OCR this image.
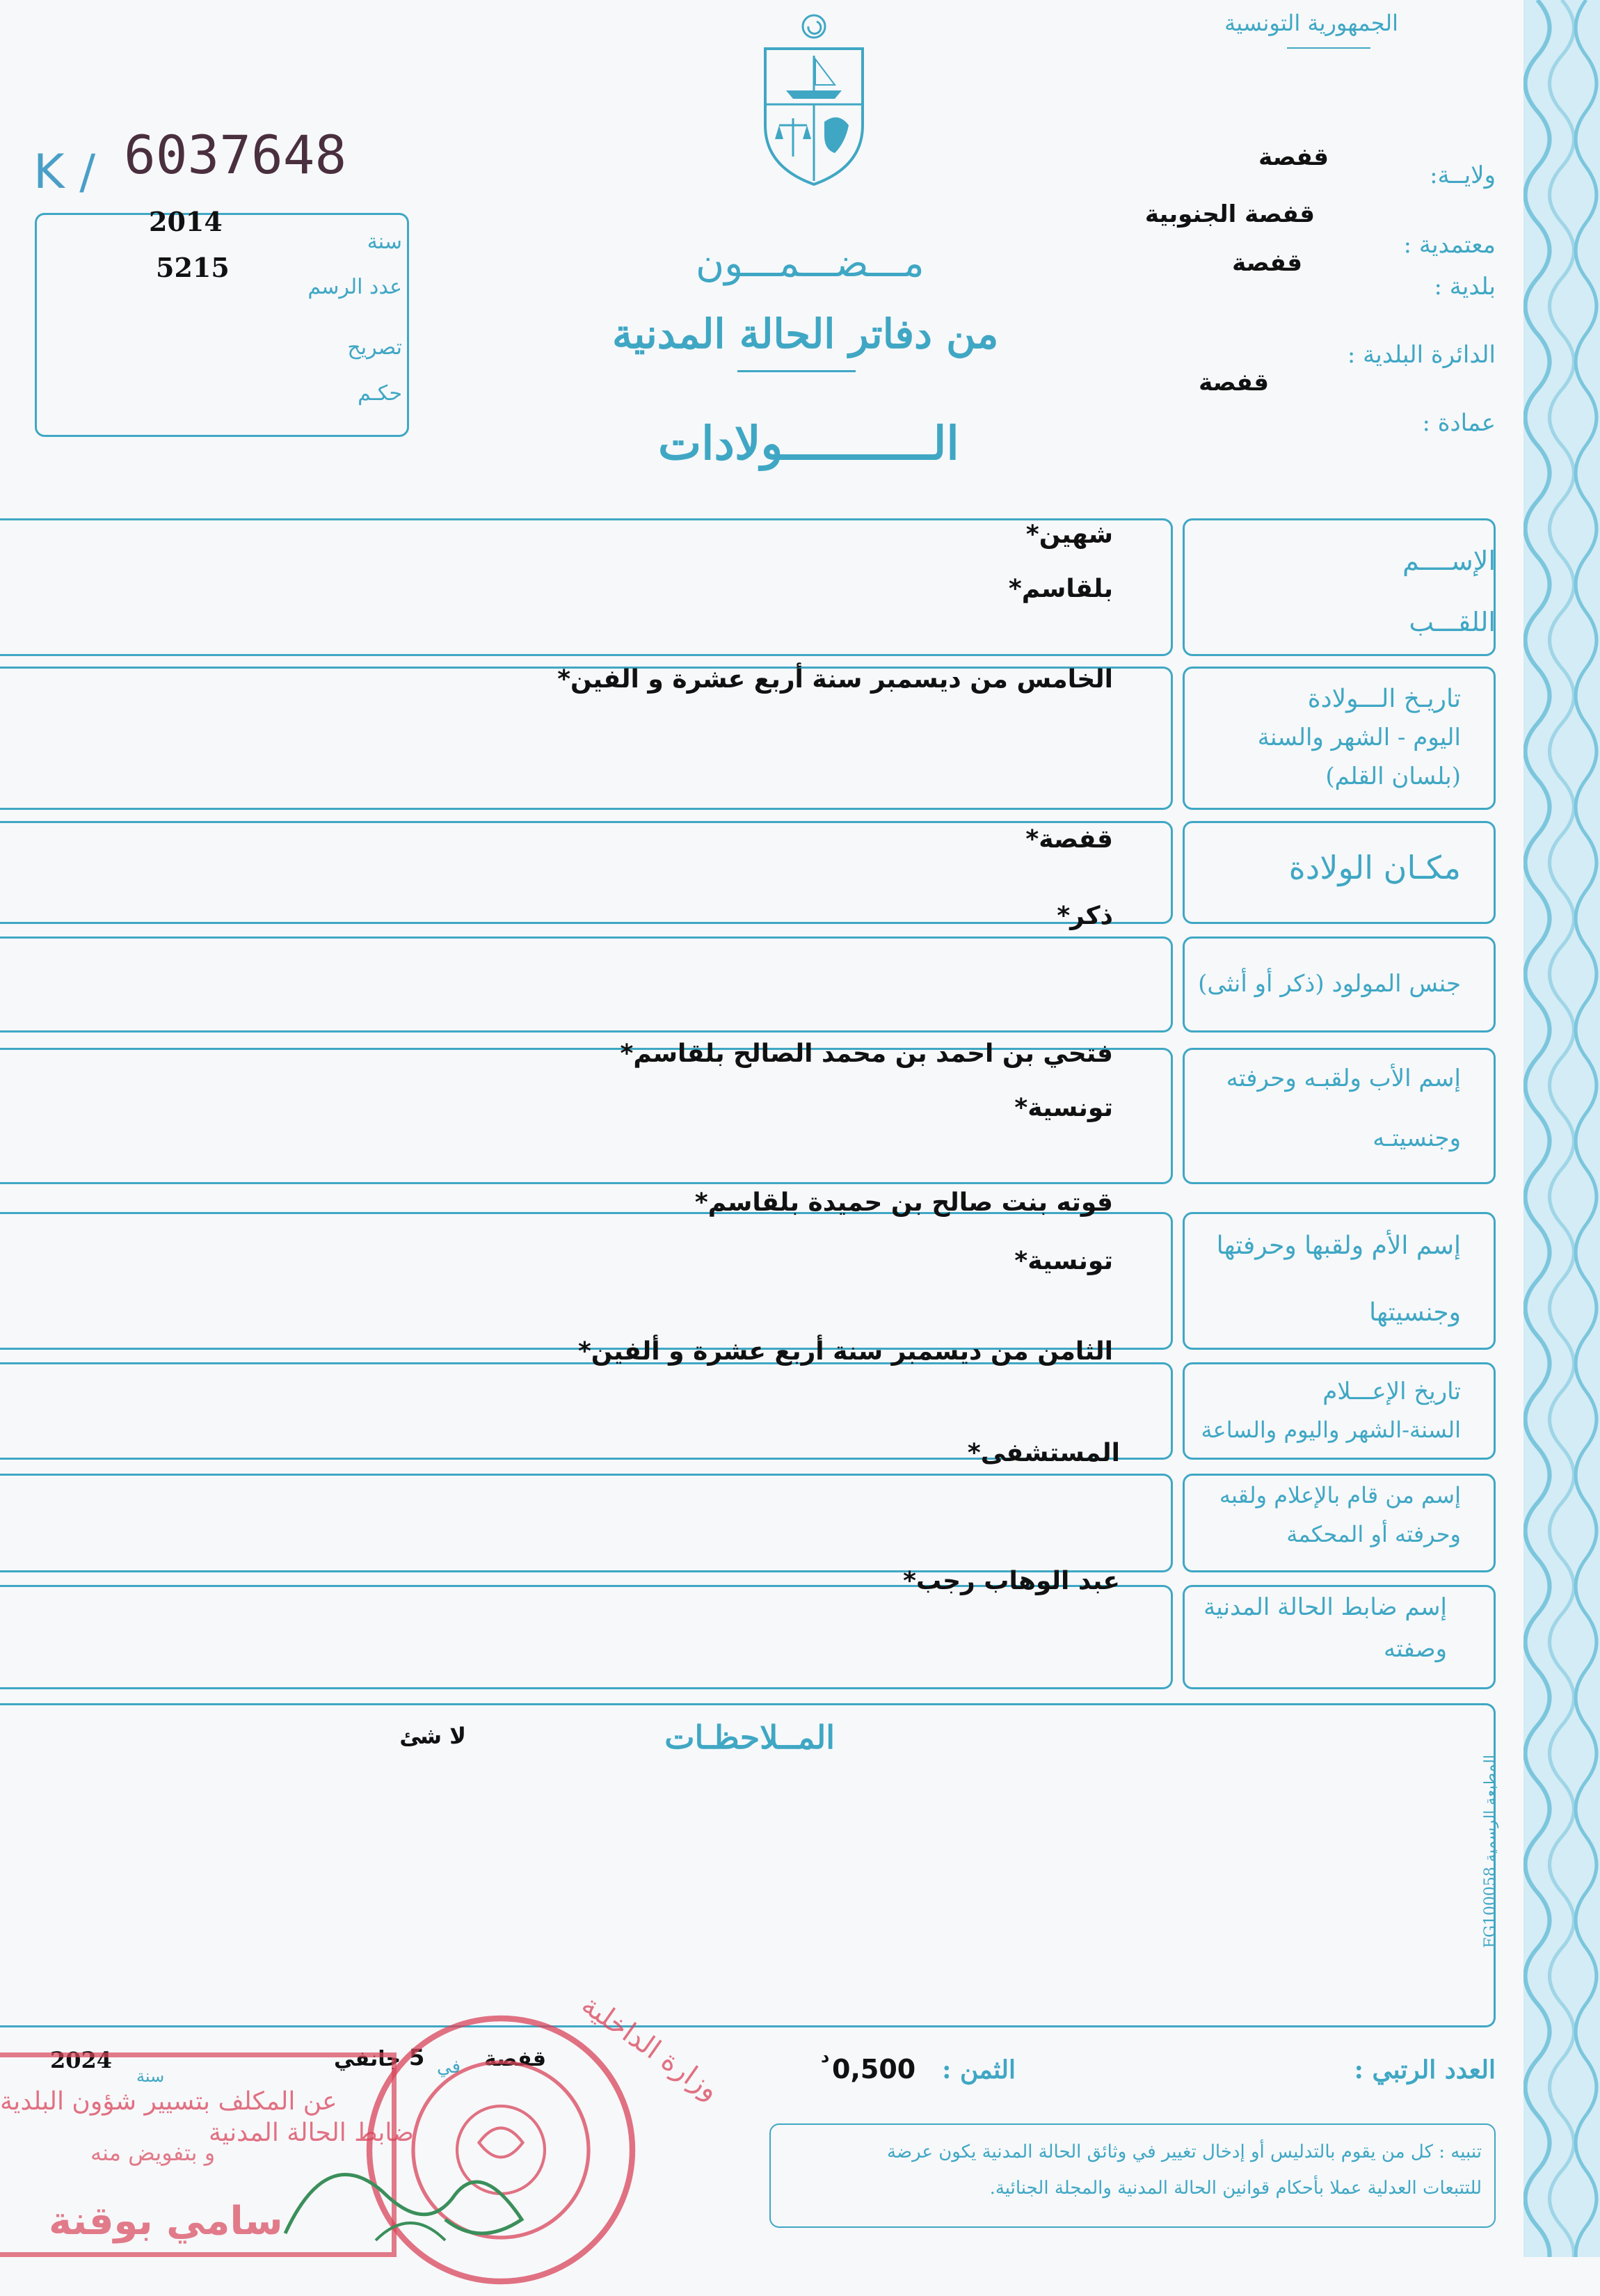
المطبعة الرسمية FG100058
الجمهورية التونسية
K / 6037648
سنة
2014
عدد الرسم
5215
تصريح
حكـم
ولايــة:
قفصة
معتمدية :
قفصة الجنوبية
بلدية :
قفصة
الدائرة البلدية :
قفصة
عمادة :
مـــضـــمـــون
من دفاتر الحالة المدنية
الـــــــــــولادات
الإســــم
اللقـــب
شهين*
بلقاسم*
تاريـخ الـــولادة
اليوم - الشهر والسنة
(بلسان القلم)
الخامس من ديسمبر سنة أربع عشرة و الفين*
مكـان الولادة
قفصة*
جنس المولود (ذكر أو أنثى)
ذكر*
إسم الأب ولقبـه وحرفته
وجنسيتـه
فتحي بن احمد بن محمد الصالح بلقاسم*
تونسية*
إسم الأم ولقبها وحرفتها
وجنسيتها
قوته بنت صالح بن حميدة بلقاسم*
تونسية*
تاريخ الإعـــلام
السنة-الشهر واليوم والساعة
الثامن من ديسمبر سنة أربع عشرة و ألفين*
إسم من قام بالإعلام ولقبه
وحرفته أو المحكمة
المستشفى*
إسم ضابط الحالة المدنية
وصفته
عبد الوهاب رجب*
المــلاحظـات
لا شئ
العدد الرتبي :
الثمن :
0,500
د
قفصة
في
5
جانفي
سنة
2024
تنبيه : كل من يقوم بالتدليس أو إدخال تغيير في وثائق الحالة المدنية يكون عرضة
للتتبعات العدلية عملا بأحكام قوانين الحالة المدنية والمجلة الجنائية.
وزارة الداخلية
عن المكلف بتسيير شؤون البلدية
ضابط الحالة المدنية
و بتفويض منه
سامي بوقنة
